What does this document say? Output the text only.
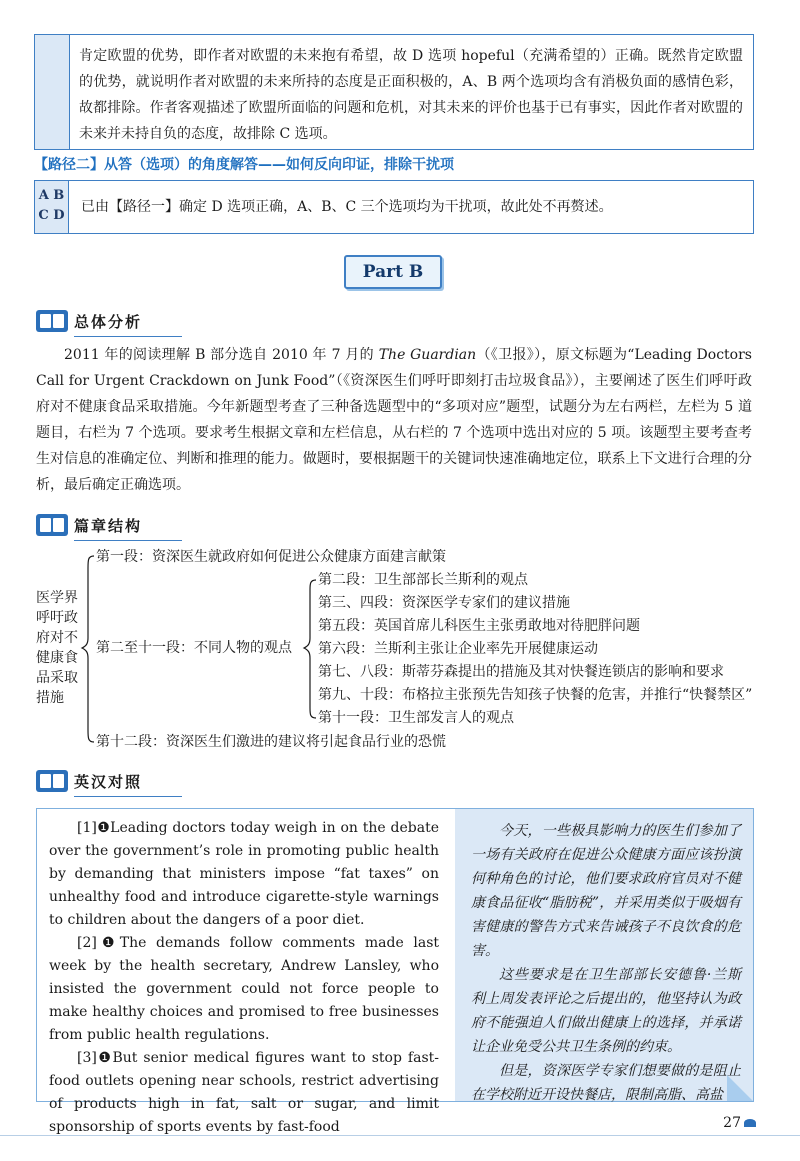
肯定欧盟的优势，即作者对欧盟的未来抱有希望，故 D 选项 hopeful（充满希望的）正确。既然肯定欧盟的优势，就说明作者对欧盟的未来所持的态度是正面积极的，A、B 两个选项均含有消极负面的感情色彩，故都排除。作者客观描述了欧盟所面临的问题和危机，对其未来的评价也基于已有事实，因此作者对欧盟的未来并未持自负的态度，故排除 C 选项。
【路径二】从答（选项）的角度解答——如何反向印证，排除干扰项
A B
C D
已由【路径一】确定 D 选项正确，A、B、C 三个选项均为干扰项，故此处不再赘述。
Part B
总体分析
2011 年的阅读理解 B 部分选自 2010 年 7 月的 The Guardian（《卫报》），原文标题为“Leading Doctors Call for Urgent Crackdown on Junk Food”（《资深医生们呼吁即刻打击垃圾食品》），主要阐述了医生们呼吁政府对不健康食品采取措施。今年新题型考查了三种备选题型中的“多项对应”题型，试题分为左右两栏，左栏为 5 道题目，右栏为 7 个选项。要求考生根据文章和左栏信息，从右栏的 7 个选项中选出对应的 5 项。该题型主要考查考生对信息的准确定位、判断和推理的能力。做题时，要根据题干的关键词快速准确地定位，联系上下文进行合理的分析，最后确定正确选项。
篇章结构
医学界呼吁政府对不健康食品采取措施
第一段：资深医生就政府如何促进公众健康方面建言献策
第二至十一段：不同人物的观点
第十二段：资深医生们激进的建议将引起食品行业的恐慌
第二段：卫生部部长兰斯利的观点
第三、四段：资深医学专家们的建议措施
第五段：英国首席儿科医生主张勇敢地对待肥胖问题
第六段：兰斯利主张让企业率先开展健康运动
第七、八段：斯蒂芬森提出的措施及其对快餐连锁店的影响和要求
第九、十段：布格拉主张预先告知孩子快餐的危害，并推行“快餐禁区”
第十一段：卫生部发言人的观点
英汉对照

[1]❶Leading doctors today weigh in on the debate over the government’s role in promoting public health by demanding that ministers impose “fat taxes” on unhealthy food and introduce cigarette-style warnings to children about the dangers of a poor diet.

[2]❶The demands follow comments made last week by the health secretary, Andrew Lansley, who insisted the government could not force people to make healthy choices and promised to free businesses from public health regulations.

[3]❶But senior medical figures want to stop fast-food outlets opening near schools, restrict advertising of products high in fat, salt or sugar, and limit sponsorship of sports events by fast-food

今天，一些极具影响力的医生们参加了一场有关政府在促进公众健康方面应该扮演何种角色的讨论，他们要求政府官员对不健康食品征收“脂肪税”，并采用类似于吸烟有害健康的警告方式来告诫孩子不良饮食的危害。

这些要求是在卫生部部长安德鲁·兰斯利上周发表评论之后提出的，他坚持认为政府不能强迫人们做出健康上的选择，并承诺让企业免受公共卫生条例的约束。

但是，资深医学专家们想要做的是阻止在学校附近开设快餐店，限制高脂、高盐

27
